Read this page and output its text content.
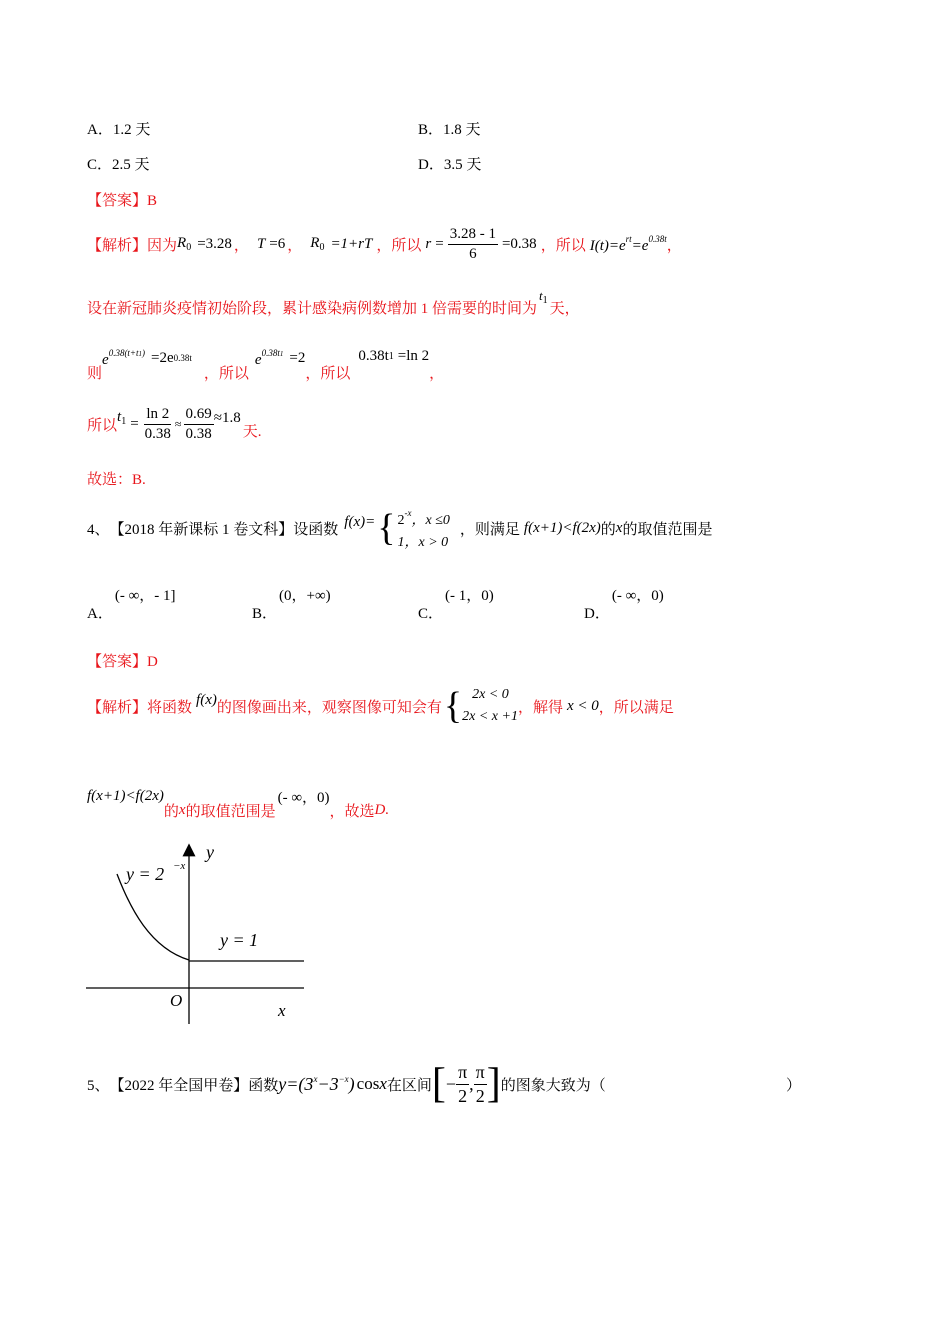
A．1.2 天	B．1.8 天
C．2.5 天	D．3.5 天
【答案】B
【解析】 因为 $R_0 =3.28$ ， T =6 ， $R_0 =1+rT$ ， 所以 $r = \frac{3.28 - 1}{6} =0.38$ ， 所以 $I(t)=e^{rt}=e^{0.38t}$ ，
设在新冠肺炎疫情初始阶段，累计感染病例数增加 1 倍需要的时间为
$t_1$ 天，
则
$e^{0.38(t+t1)} =2e$ 0.38t
，所以
$e^{0.38t1} =2$
，所以
0.38t 1 =ln 2
，
所以
$t_1 = \frac{\ln 2}{0.38} \approx \frac{0.69}{0.38} \approx 1.8$
天.
故选：B.
4、 【2018 年新课标 1 卷文科】 设函数 f(x)= { $2^{-x}$，x ≤0
1，x > 0
，则满足 f(x+1)<f(2x) 的 x 的取值范围是
A．(- ∞，- 1]
B．(0，+∞)
C．(- 1，0)
D．(- ∞，0)
【答案】D
【解析】 将函数 f(x) 的图像画出来，观察图像可知会有 { 2x < 0
2x < x +1
，解得 x < 0 ，所以满足
f(x+1)<f(2x)
的 x 的取值范围是
(- ∞，0)
，故选 D.
y
x
O
y = 2 −x
y = 1
5、 【2022 年全国甲卷】 函数 $y=(3^x-3^{-x})$ cos x 在区间 [ − $\frac{\pi}{2}$ , $\frac{\pi}{2}$ ] 的图象大致为（	）
